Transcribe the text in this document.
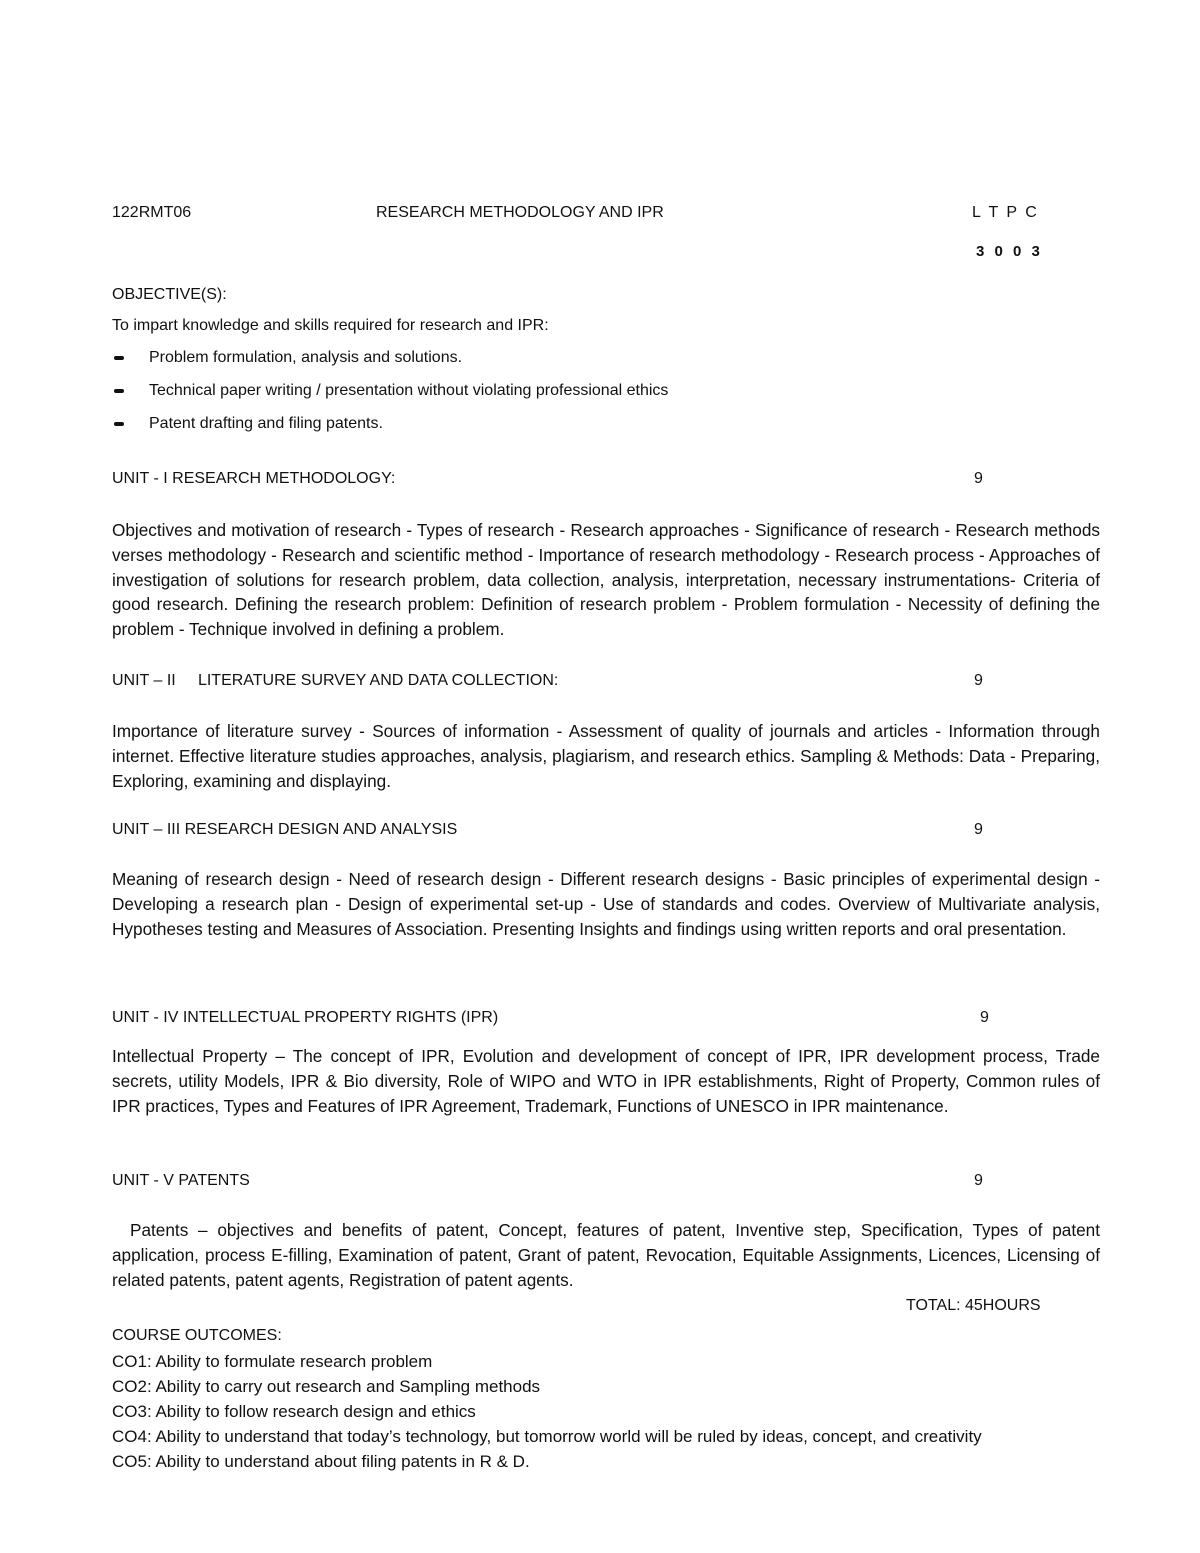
122RMT06	RESEARCH METHODOLOGY AND IPR	L T P C
3 0 0 3
OBJECTIVE(S):
To impart knowledge and skills required for research and IPR:
Problem formulation, analysis and solutions.
Technical paper writing / presentation without violating professional ethics
Patent drafting and filing patents.
UNIT - I RESEARCH METHODOLOGY:	9

Objectives and motivation of research - Types of research - Research approaches - Significance of research - Research methods verses methodology - Research and scientific method - Importance of research methodology - Research process - Approaches of investigation of solutions for research problem, data collection, analysis, interpretation, necessary instrumentations- Criteria of good research. Defining the research problem: Definition of research problem - Problem formulation - Necessity of defining the problem - Technique involved in defining a problem.

UNIT – II     LITERATURE SURVEY AND DATA COLLECTION:	9

Importance of literature survey - Sources of information - Assessment of quality of journals and articles - Information through internet. Effective literature studies approaches, analysis, plagiarism, and research ethics. Sampling & Methods: Data - Preparing, Exploring, examining and displaying.

UNIT – III RESEARCH DESIGN AND ANALYSIS	9

Meaning of research design - Need of research design - Different research designs - Basic principles of experimental design - Developing a research plan - Design of experimental set-up - Use of standards and codes. Overview of Multivariate analysis, Hypotheses testing and Measures of Association. Presenting Insights and findings using written reports and oral presentation.

UNIT - IV INTELLECTUAL PROPERTY RIGHTS (IPR)	9

Intellectual Property – The concept of IPR, Evolution and development of concept of IPR, IPR development process, Trade secrets, utility Models, IPR & Bio diversity, Role of WIPO and WTO in IPR establishments, Right of Property, Common rules of IPR practices, Types and Features of IPR Agreement, Trademark, Functions of UNESCO in IPR maintenance.

UNIT - V PATENTS	9

Patents – objectives and benefits of patent, Concept, features of patent, Inventive step, Specification, Types of patent application, process E-filling, Examination of patent, Grant of patent, Revocation, Equitable Assignments, Licences, Licensing of related patents, patent agents, Registration of patent agents.

TOTAL: 45HOURS
COURSE OUTCOMES:
CO1: Ability to formulate research problem
CO2: Ability to carry out research and Sampling methods
CO3: Ability to follow research design and ethics
CO4: Ability to understand that today’s technology, but tomorrow world will be ruled by ideas, concept, and creativity
CO5: Ability to understand about filing patents in R & D.
